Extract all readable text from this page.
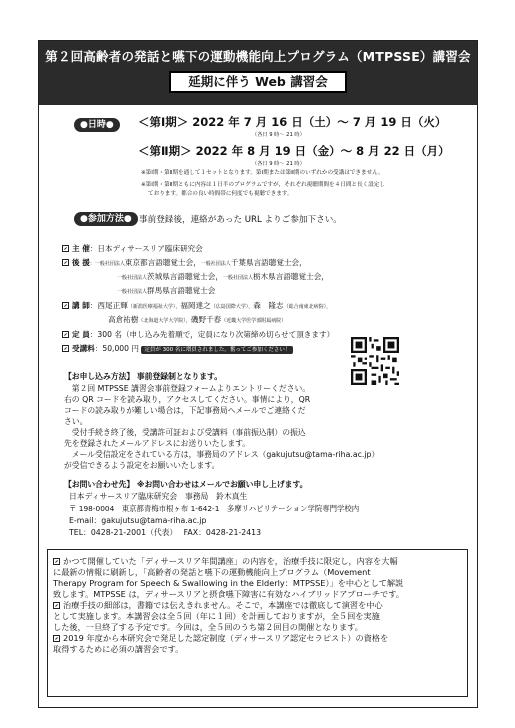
第２回高齢者の発話と嚥下の運動機能向上プログラム（MTPSSE）講習会
延期に伴う Web 講習会
●日時●	＜第Ⅰ期＞ 2022 年 7 月 16 日（土）～ 7 月 19 日（火）
（各日 9 時～ 21 時）
＜第Ⅱ期＞ 2022 年 8 月 19 日（金）～ 8 月 22 日（月）
（各日 9 時～ 21 時）
※第Ⅰ期・第Ⅱ期を通して１セットとなります。第Ⅰ期または第Ⅱ期のいずれかの受講はできません。
※第Ⅰ期・第Ⅱ期ともに内容は１日半のプログラムですが，それぞれ視聴期間を４日間と長く設定し
ております。都合の良い時間帯に何度でも視聴できます。
●参加方法● 事前登録後，連絡があった URL よりご参加下さい。
主 催：日本ディサースリア臨床研究会
後 援：一般社団法人東京都言語聴覚士会，一般社団法人千葉県言語聴覚士会，
一般社団法人茨城県言語聴覚士会，一般社団法人栃木県言語聴覚士会，
一般社団法人群馬県言語聴覚士会
講 師：西尾正輝（新潟医療福祉大学），福岡達之（広島国際大学），森　隆志（総合南東北病院），
高倉祐樹（北海道大学大学院），磯野千春（近畿大学医学部附属病院）
定 員：300 名（申し込み先着順で，定員になり次第締め切らせて頂きます）
受講料：50,000 円 定員が 300 名に増員されました。奮ってご参加ください！
【お申し込み方法】 事前登録制となります。
　第２回 MTPSSE 講習会事前登録フォームよりエントリーください。
右の QR コードを読み取り，アクセスしてください。事情により，QR
コードの読み取りが難しい場合は，下記事務局へメールでご連絡くだ
さい。
　受付手続き終了後，受講許可証および受講料（事前振込制）の振込
先を登録されたメールアドレスにお送りいたします。
　メール受信設定をされている方は，事務局のアドレス（gakujutsu@tama-riha.ac.jp）
が受信できるよう設定をお願いいたします。
【お問い合わせ先】 ※お問い合わせはメールでお願い申し上げます。
日本ディサースリア臨床研究会　事務局　鈴木真生
〒 198-0004　東京都青梅市根ヶ布 1-642-1　多摩リハビリテーション学院専門学校内
E-mail：gakujutsu@tama-riha.ac.jp
TEL：0428-21-2001（代表）　 FAX：0428-21-2413
かつて開催していた「ディサースリア年間講座」の内容を，治療手技に限定し，内容を大幅
に最新の情報に刷新し，「高齢者の発話と嚥下の運動機能向上プログラム（Movement
Therapy Program for Speech & Swallowing in the Elderly：MTPSSE）」を中心として解説
致します。MTPSSE は，ディサースリアと摂食嚥下障害に有効なハイブリッドアプローチです。
治療手技の細部は，書籍では伝えきれません。そこで，本講座では徹底して演習を中心
として実施します。本講習会は全５回（年に１回）を計画しておりますが，全５回を実施
した後，一旦終了する予定です。今回は，全５回のうち第２回目の開催となります。
2019 年度から本研究会で発足した認定制度（ディサースリア認定セラピスト）の資格を
取得するために必須の講習会です。
